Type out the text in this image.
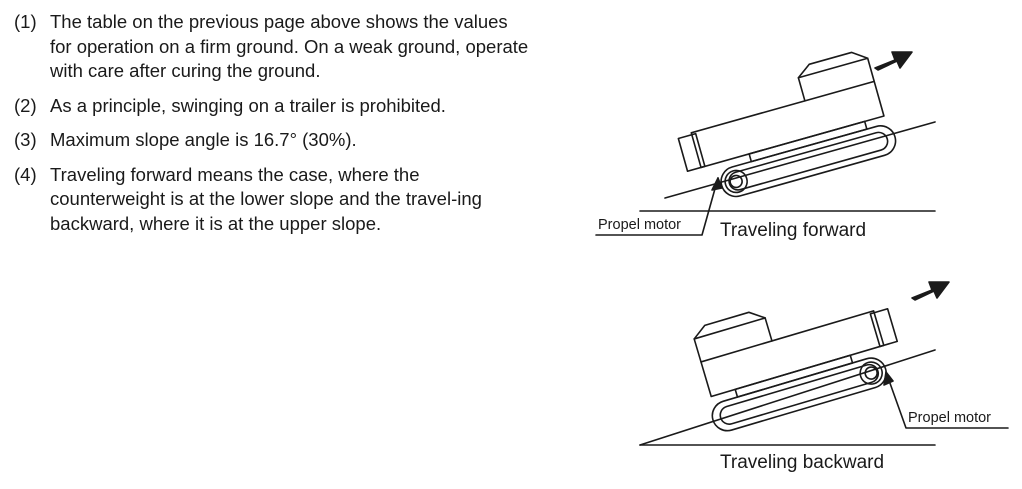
(1) The table on the previous page above shows the values for operation on a firm ground. On a weak ground, operate with care after curing the ground.
(2) As a principle, swinging on a trailer is prohibited.
(3) Maximum slope angle is 16.7° (30%).
(4) Traveling forward means the case, where the counterweight is at the lower slope and the travel-ing backward, where it is at the upper slope.	Propel motor Traveling forward
Propel motor
Traveling backward
